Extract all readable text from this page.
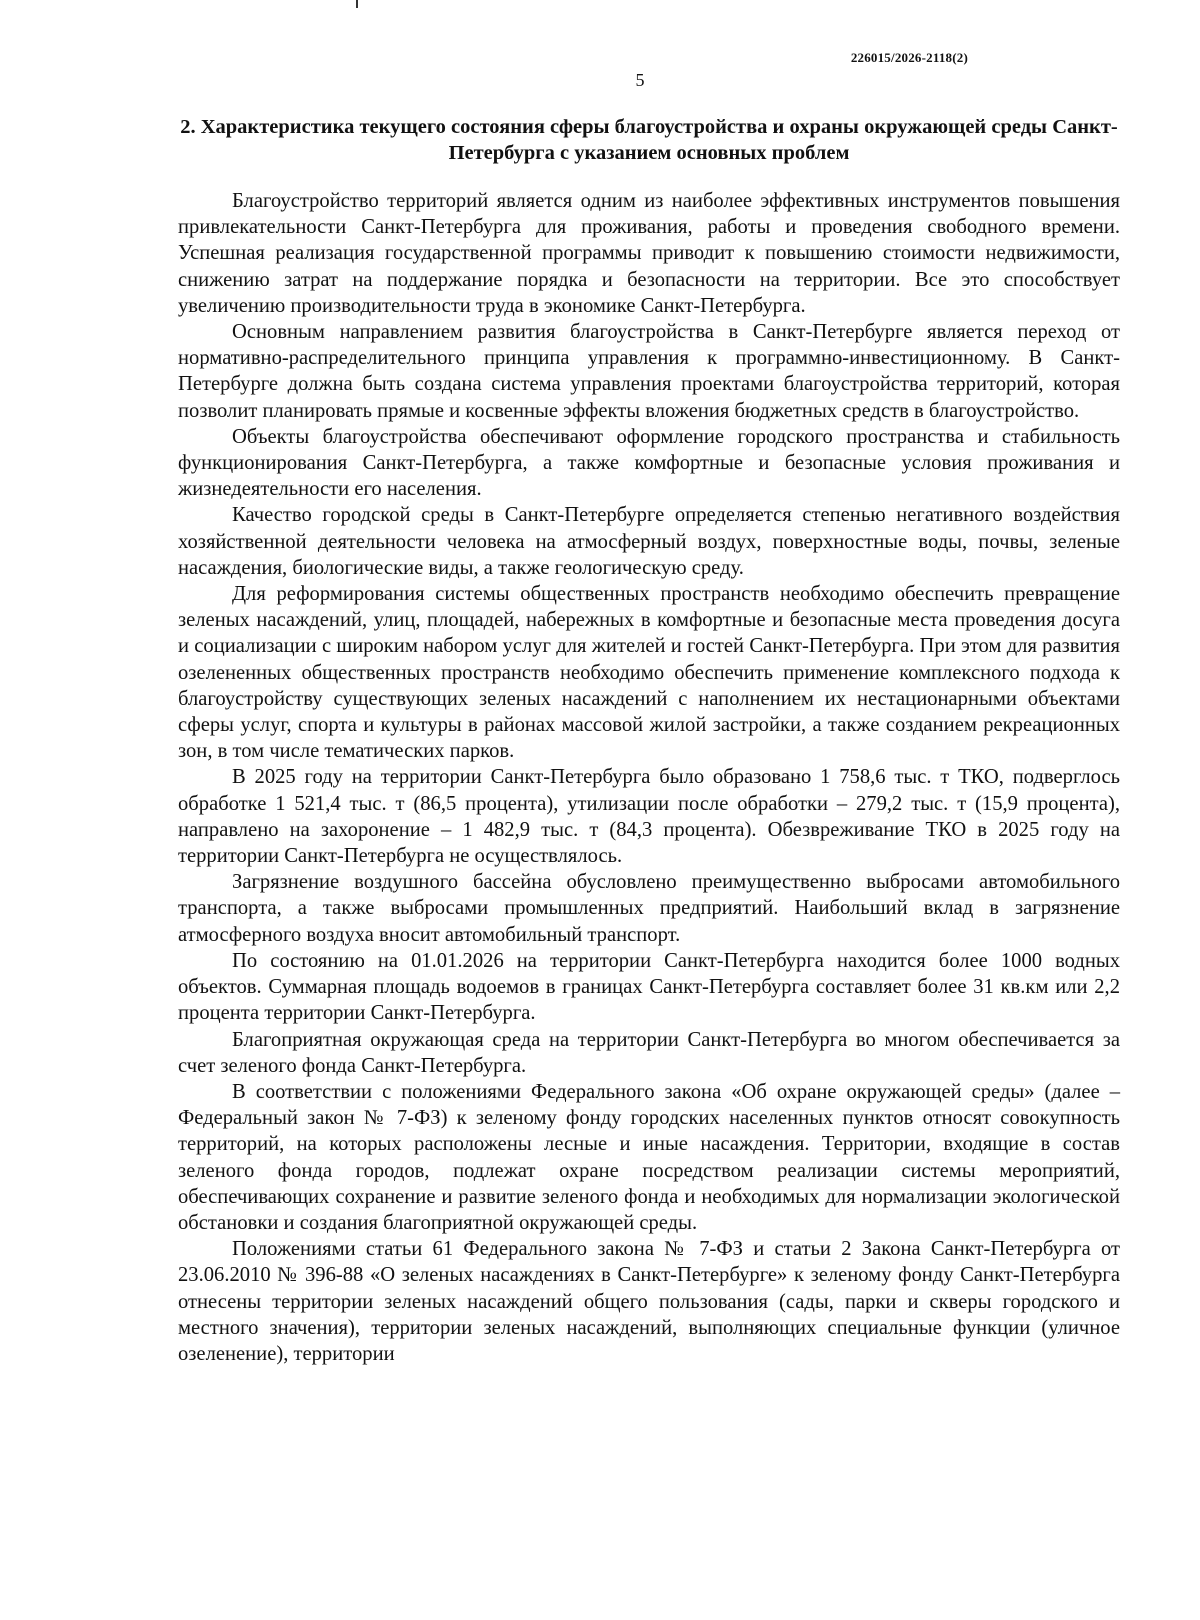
226015/2026-2118(2)
5
2. Характеристика текущего состояния сферы благоустройства и охраны окружающей среды Санкт-Петербурга с указанием основных проблем

Благоустройство территорий является одним из наиболее эффективных инструментов повышения привлекательности Санкт-Петербурга для проживания, работы и проведения свободного времени. Успешная реализация государственной программы приводит к повышению стоимости недвижимости, снижению затрат на поддержание порядка и безопасности на территории. Все это способствует увеличению производительности труда в экономике Санкт-Петербурга.

Основным направлением развития благоустройства в Санкт-Петербурге является переход от нормативно-распределительного принципа управления к программно-инвестиционному. В Санкт-Петербурге должна быть создана система управления проектами благоустройства территорий, которая позволит планировать прямые и косвенные эффекты вложения бюджетных средств в благоустройство.

Объекты благоустройства обеспечивают оформление городского пространства и стабильность функционирования Санкт-Петербурга, а также комфортные и безопасные условия проживания и жизнедеятельности его населения.

Качество городской среды в Санкт-Петербурге определяется степенью негативного воздействия хозяйственной деятельности человека на атмосферный воздух, поверхностные воды, почвы, зеленые насаждения, биологические виды, а также геологическую среду.

Для реформирования системы общественных пространств необходимо обеспечить превращение зеленых насаждений, улиц, площадей, набережных в комфортные и безопасные места проведения досуга и социализации с широким набором услуг для жителей и гостей Санкт-Петербурга. При этом для развития озелененных общественных пространств необходимо обеспечить применение комплексного подхода к благоустройству существующих зеленых насаждений с наполнением их нестационарными объектами сферы услуг, спорта и культуры в районах массовой жилой застройки, а также созданием рекреационных зон, в том числе тематических парков.

В 2025 году на территории Санкт-Петербурга было образовано 1 758,6 тыс. т ТКО, подверглось обработке 1 521,4 тыс. т (86,5 процента), утилизации после обработки – 279,2 тыс. т (15,9 процента), направлено на захоронение – 1 482,9 тыс. т (84,3 процента). Обезвреживание ТКО в 2025 году на территории Санкт-Петербурга не осуществлялось.

Загрязнение воздушного бассейна обусловлено преимущественно выбросами автомобильного транспорта, а также выбросами промышленных предприятий. Наибольший вклад в загрязнение атмосферного воздуха вносит автомобильный транспорт.

По состоянию на 01.01.2026 на территории Санкт-Петербурга находится более 1000 водных объектов. Суммарная площадь водоемов в границах Санкт-Петербурга составляет более 31 кв.км или 2,2 процента территории Санкт-Петербурга.

Благоприятная окружающая среда на территории Санкт-Петербурга во многом обеспечивается за счет зеленого фонда Санкт-Петербурга.

В соответствии с положениями Федерального закона «Об охране окружающей среды» (далее – Федеральный закон № 7-ФЗ) к зеленому фонду городских населенных пунктов относят совокупность территорий, на которых расположены лесные и иные насаждения. Территории, входящие в состав зеленого фонда городов, подлежат охране посредством реализации системы мероприятий, обеспечивающих сохранение и развитие зеленого фонда и необходимых для нормализации экологической обстановки и создания благоприятной окружающей среды.

Положениями статьи 61 Федерального закона № 7-ФЗ и статьи 2 Закона Санкт-Петербурга от 23.06.2010 № 396-88 «О зеленых насаждениях в Санкт-Петербурге» к зеленому фонду Санкт-Петербурга отнесены территории зеленых насаждений общего пользования (сады, парки и скверы городского и местного значения), территории зеленых насаждений, выполняющих специальные функции (уличное озеленение), территории
